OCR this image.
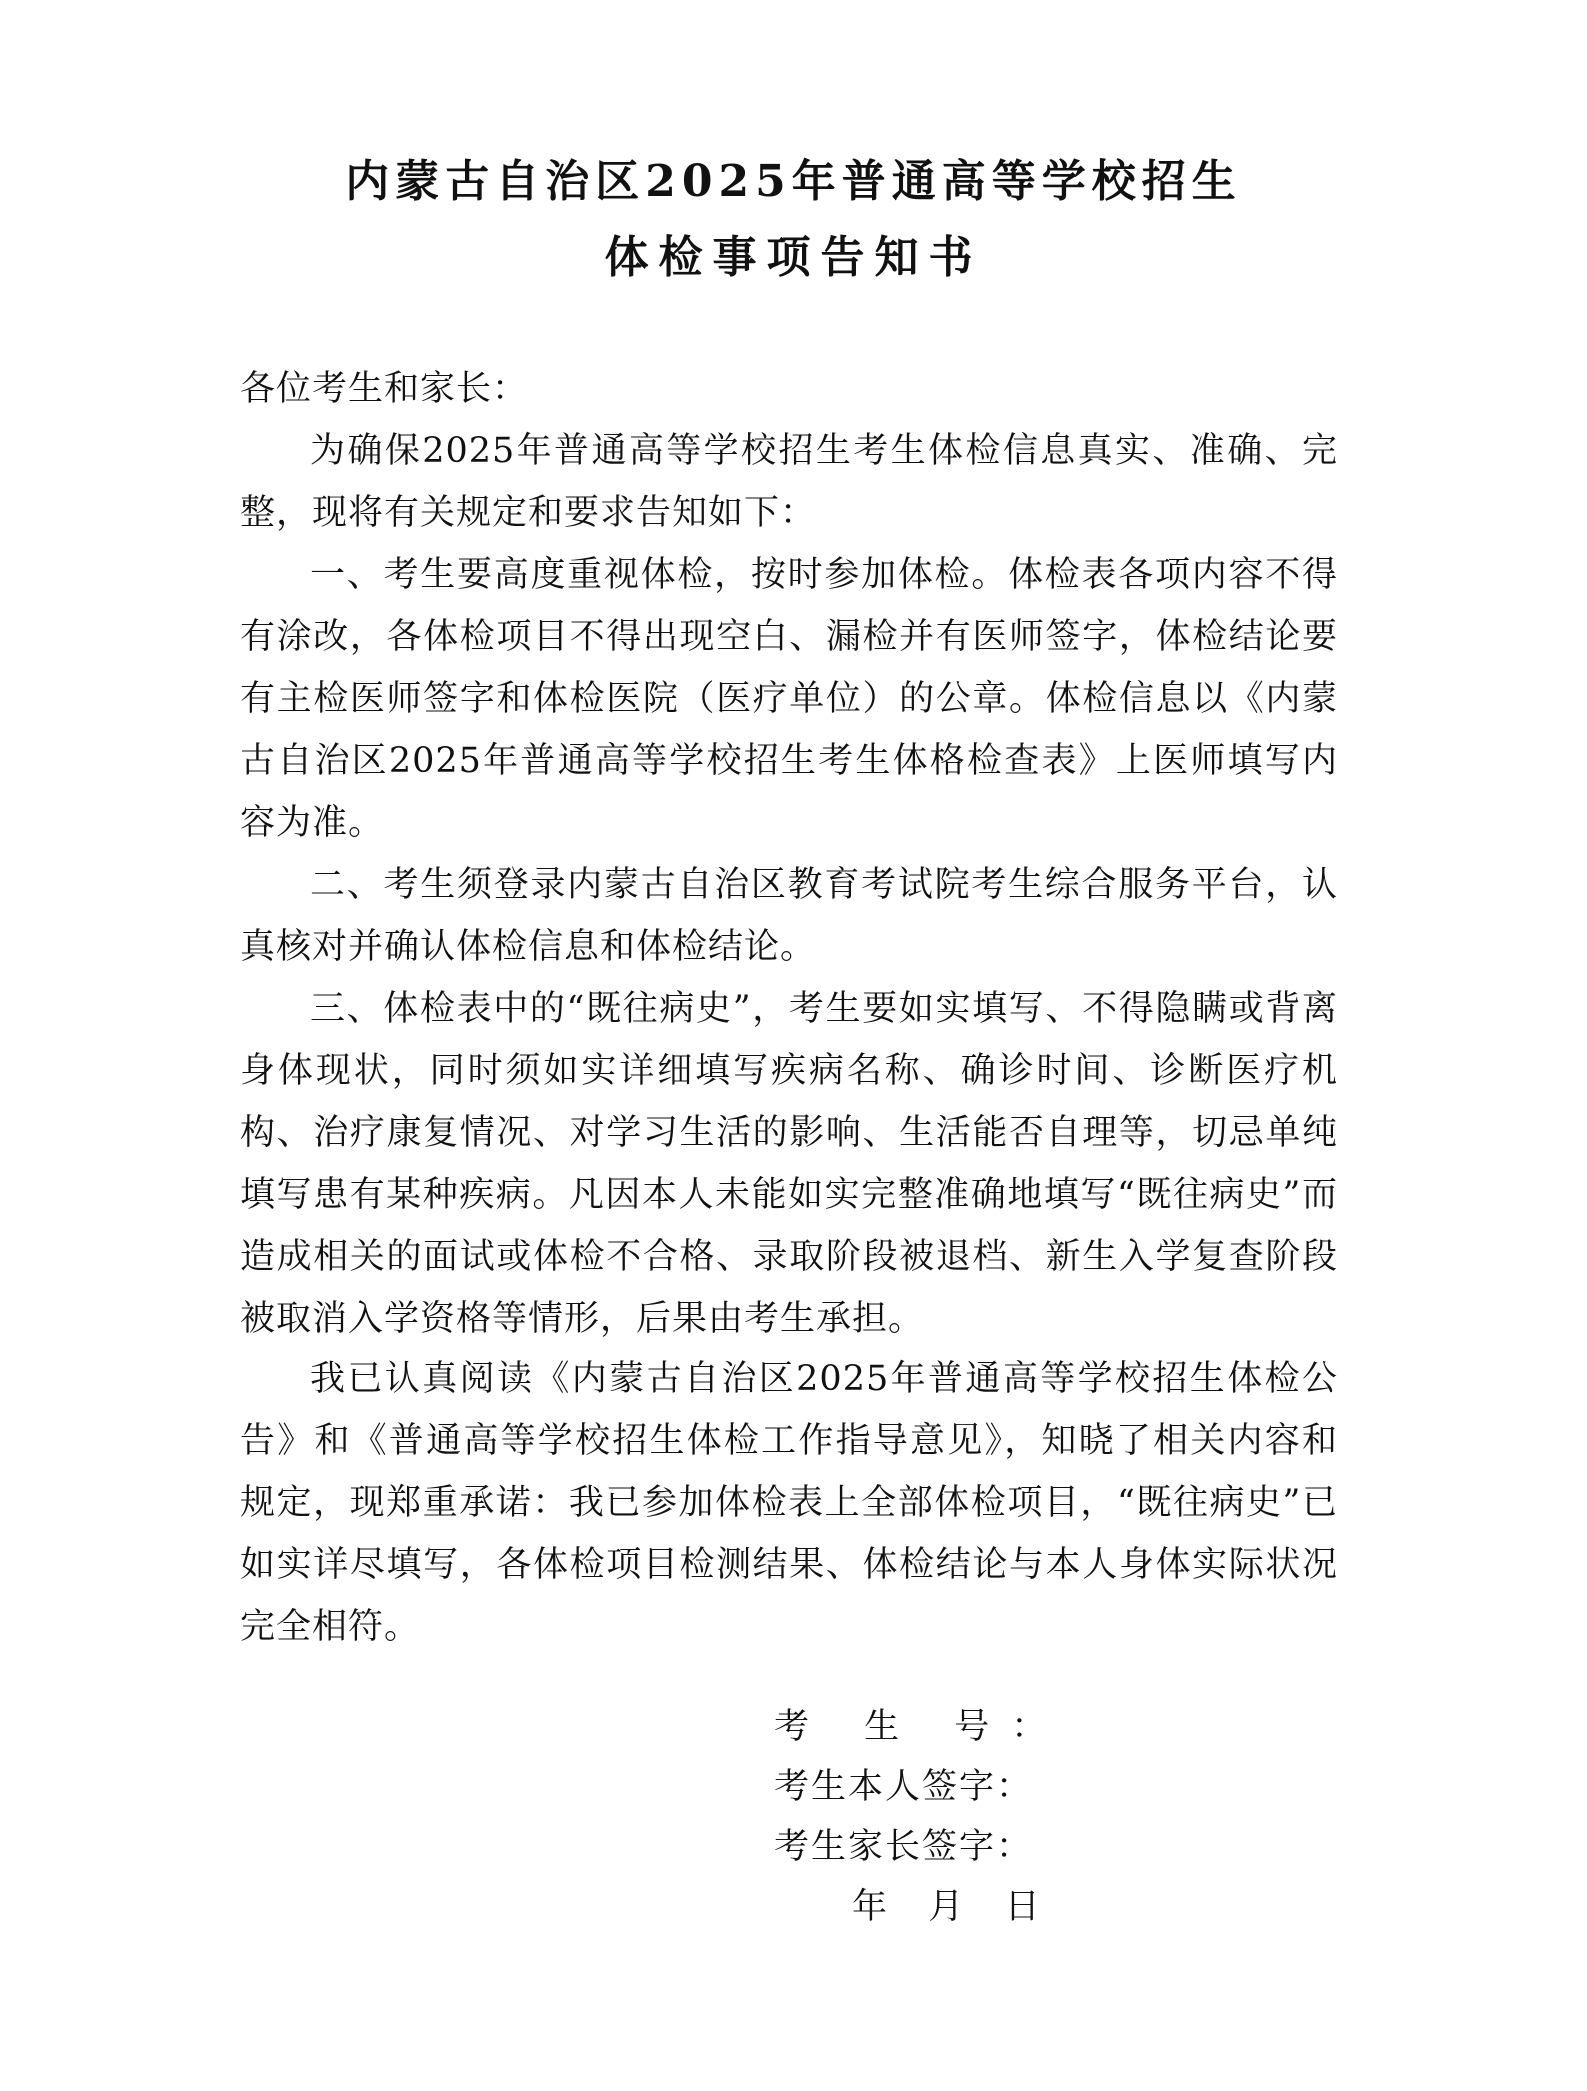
内蒙古自治区2025年普通高等学校招生
体检事项告知书

各位考生和家长：

为确保2025年普通高等学校招生考生体检信息真实、准确、完整，现将有关规定和要求告知如下：

一、考生要高度重视体检，按时参加体检。体检表各项内容不得有涂改，各体检项目不得出现空白、漏检并有医师签字，体检结论要有主检医师签字和体检医院（医疗单位）的公章。体检信息以《内蒙古自治区2025年普通高等学校招生考生体格检查表》上医师填写内容为准。

二、考生须登录内蒙古自治区教育考试院考生综合服务平台，认真核对并确认体检信息和体检结论。

三、体检表中的“既往病史”，考生要如实填写、不得隐瞒或背离身体现状，同时须如实详细填写疾病名称、确诊时间、诊断医疗机构、治疗康复情况、对学习生活的影响、生活能否自理等，切忌单纯填写患有某种疾病。凡因本人未能如实完整准确地填写“既往病史”而造成相关的面试或体检不合格、录取阶段被退档、新生入学复查阶段被取消入学资格等情形，后果由考生承担。

我已认真阅读《内蒙古自治区2025年普通高等学校招生体检公告》和《普通高等学校招生体检工作指导意见》，知晓了相关内容和规定，现郑重承诺：我已参加体检表上全部体检项目，“既往病史”已如实详尽填写，各体检项目检测结果、体检结论与本人身体实际状况完全相符。

考 生 号：
考生本人签字：
考生家长签字：
年   月   日
